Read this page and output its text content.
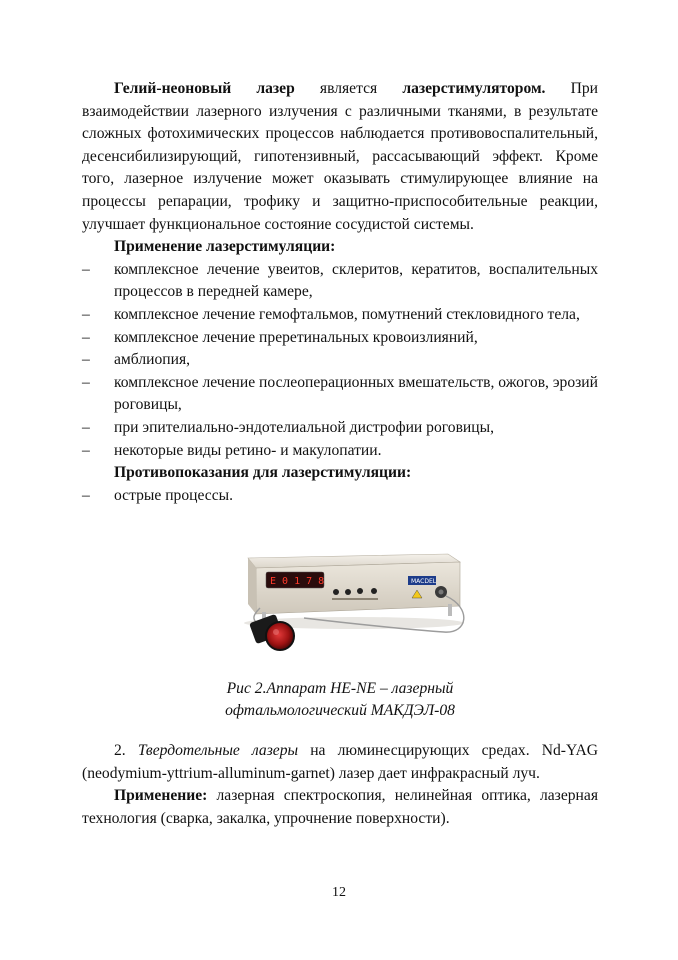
Гелий-неоновый лазер является лазерстимулятором. При взаимодействии лазерного излучения с различными тканями, в результате сложных фотохимических процессов наблюдается противовоспалительный, десенсибилизирующий, гипотензивный, рассасывающий эффект. Кроме того, лазерное излучение может оказывать стимулирующее влияние на процессы репарации, трофику и защитно-приспособительные реакции, улучшает функциональное состояние сосудистой системы.

Применение лазерстимуляции:

– комплексное лечение увеитов, склеритов, кератитов, воспалительных процессов в передней камере,
– комплексное лечение гемофтальмов, помутнений стекловидного тела,
– комплексное лечение преретинальных кровоизлияний,
– амблиопия,
– комплексное лечение послеоперационных вмешательств, ожогов, эрозий роговицы,
– при эпителиально-эндотелиальной дистрофии роговицы,
– некоторые виды ретино- и макулопатии.

Противопоказания для лазерстимуляции:

– острые процессы.
E 0 1 7 8	MACDEL
Рис 2.Аппарат HE-NE – лазерный
офтальмологический МАКДЭЛ-08

2. Твердотельные лазеры на люминесцирующих средах. Nd-YAG (neodymium-yttrium-alluminum-garnet) лазер дает инфракрасный луч.

Применение: лазерная спектроскопия, нелинейная оптика, лазерная технология (сварка, закалка, упрочнение поверхности).

12
